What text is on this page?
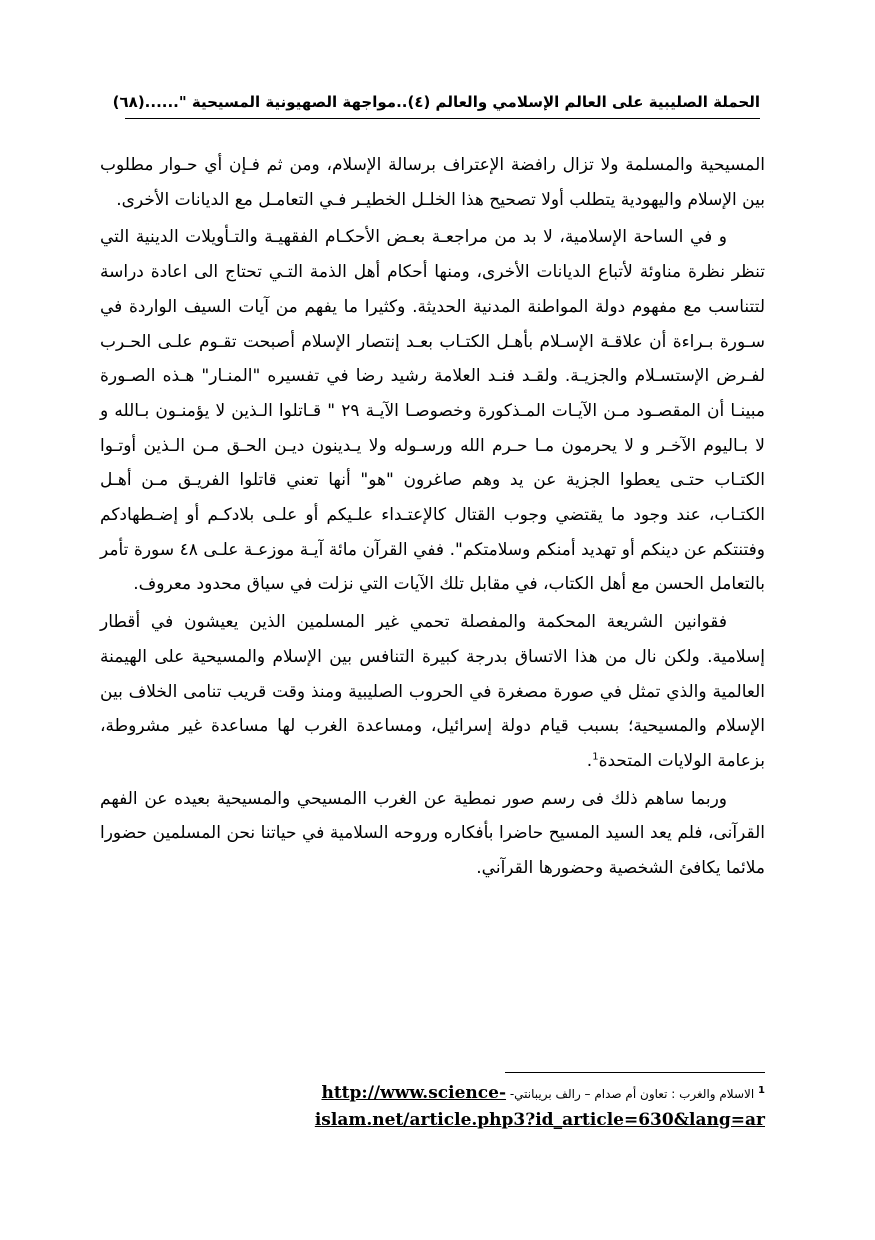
الحملة الصليبية على العالم الإسلامي والعالم (٤)..مواجهة الصهيونية المسيحية "......
(٦٨)

المسيحية والمسلمة ولا تزال رافضة الإعتراف برسالة الإسلام، ومن ثم فـإن أي حـوار مطلوب بين الإسلام واليهودية يتطلب أولا تصحيح هذا الخلـل الخطيـر فـي التعامـل مع الديانات الأخرى.

و في الساحة الإسلامية، لا بد من مراجعـة بعـض الأحكـام الفقهيـة والتـأويلات الدينية التي تنظر نظرة مناوئة لأتباع الديانات الأخرى، ومنها أحكام أهل الذمة التـي تحتاج الى اعادة دراسة لتتناسب مع مفهوم دولة المواطنة المدنية الحديثة. وكثيرا ما يفهم من آيات السيف الواردة في سـورة بـراءة أن علاقـة الإسـلام بأهـل الكتـاب بعـد إنتصار الإسلام أصبحت تقـوم علـى الحـرب لفـرض الإستسـلام والجزيـة. ولقـد فنـد العلامة رشيد رضا في تفسيره "المنـار" هـذه الصـورة مبينـا أن المقصـود مـن الآيـات المـذكورة وخصوصـا الآيـة ٢٩ " قـاتلوا الـذين لا يؤمنـون بـالله و لا بـاليوم الآخـر و لا يحرمون مـا حـرم الله ورسـوله ولا يـدينون ديـن الحـق مـن الـذين أوتـوا الكتـاب حتـى يعطوا الجزية عن يد وهم صاغرون "هو" أنها تعني قاتلوا الفريـق مـن أهـل الكتـاب، عند وجود ما يقتضي وجوب القتال كالإعتـداء علـيكم أو علـى بلادكـم أو إضـطهادكم وفتنتكم عن دينكم أو تهديد أمنكم وسلامتكم". ففي القرآن مائة آيـة موزعـة علـى ٤٨ سورة تأمر بالتعامل الحسن مع أهل الكتاب، في مقابل تلك الآيات التي نزلت في سياق محدود معروف.

فقوانين الشريعة المحكمة والمفصلة تحمي غير المسلمين الذين يعيشون في أقطار إسلامية. ولكن نال من هذا الاتساق بدرجة كبيرة التنافس بين الإسلام والمسيحية على الهيمنة العالمية والذي تمثل في صورة مصغرة في الحروب الصليبية ومنذ وقت قريب تنامى الخلاف بين الإسلام والمسيحية؛ بسبب قيام دولة إسرائيل، ومساعدة الغرب لها مساعدة غير مشروطة، بزعامة الولايات المتحدة$^1$.

وربما ساهم ذلك فى رسم صور نمطية عن الغرب االمسيحي والمسيحية بعيده عن الفهم القرآنى، فلم يعد السيد المسيح حاضرا بأفكاره وروحه السلامية في حياتنا نحن المسلمين حضورا ملائما يكافئ الشخصية وحضورها القرآني.

$^1$ الاسلام والغرب : تعاون أم صدام – رالف بريبانتي- http://www.science-
islam.net/article.php3?id_article=630&lang=ar
